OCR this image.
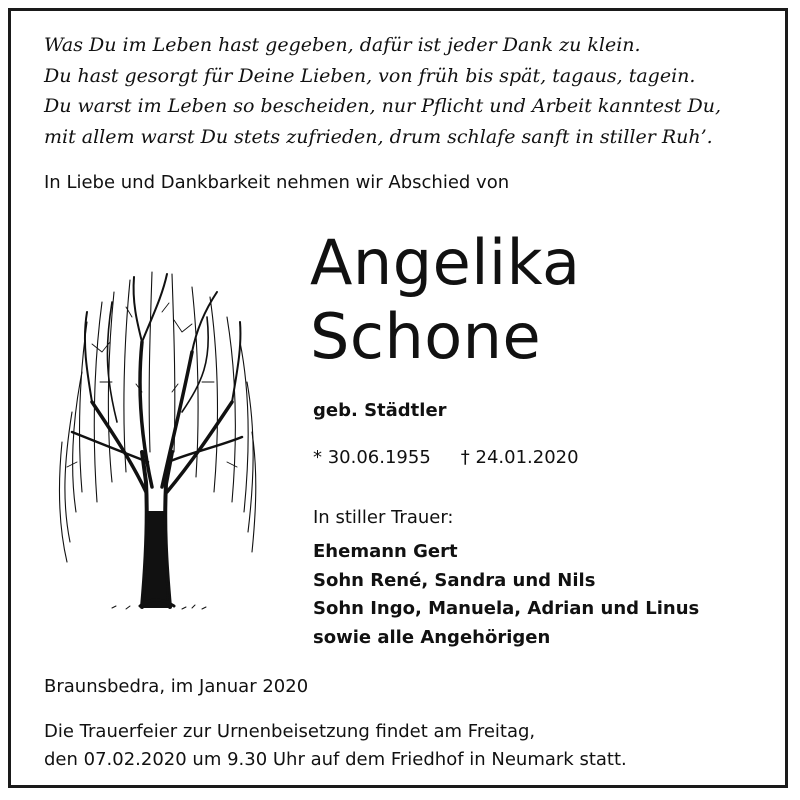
Was Du im Leben hast gegeben, dafür ist jeder Dank zu klein.
Du hast gesorgt für Deine Lieben, von früh bis spät, tagaus, tagein.
Du warst im Leben so bescheiden, nur Pflicht und Arbeit kanntest Du,
mit allem warst Du stets zufrieden, drum schlafe sanft in stiller Ruh’.
In Liebe und Dankbarkeit nehmen wir Abschied von
Angelika
Schone
geb. Städtler
* 30.06.1955 † 24.01.2020
In stiller Trauer:
Ehemann Gert
Sohn René, Sandra und Nils
Sohn Ingo, Manuela, Adrian und Linus
sowie alle Angehörigen
Braunsbedra, im Januar 2020
Die Trauerfeier zur Urnenbeisetzung findet am Freitag,
den 07.02.2020 um 9.30 Uhr auf dem Friedhof in Neumark statt.
